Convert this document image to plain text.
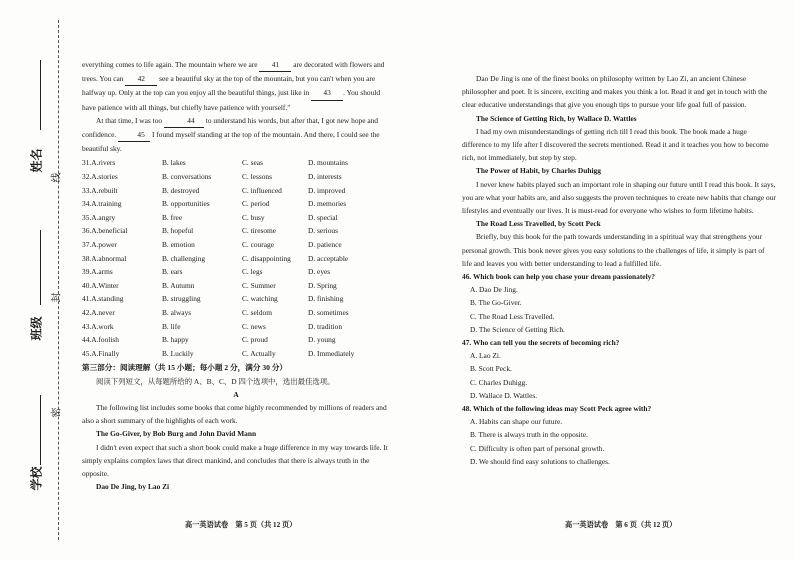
姓名
班级
学校
线
封
密

everything comes to life again. The mountain where we are 41 are decorated with flowers and trees. You can 42 see a beautiful sky at the top of the mountain, but you can't when you are halfway up. Only at the top can you enjoy all the beautiful things, just like in 43 . You should have patience with all things, but chiefly have patience with yourself."

At that time, I was too	44 to understand his words, but after that, I got new hope and confidence.	45 I found myself standing at the top of the mountain. And there, I could see the beautiful sky.

31.A.rivers	B. lakes	C. seas	D. mountains
32.A.stories	B. conversations	C. lessons	D. interests
33.A.rebuilt	B. destroyed	C. influenced	D. improved
34.A.training	B. opportunities	C. period	D. memories
35.A.angry	B. free	C. busy	D. special
36.A.beneficial	B. hopeful	C. tiresome	D. serious
37.A.power	B. emotion	C. courage	D. patience
38.A.abnormal	B. challenging	C. disappointing	D. acceptable
39.A.arms	B. ears	C. legs	D. eyes
40.A.Winter	B. Autumn	C. Summer	D. Spring
41.A.standing	B. struggling	C. watching	D. finishing
42.A.never	B. always	C. seldom	D. sometimes
43.A.work	B. life	C. news	D. tradition
44.A.foolish	B. happy	C. proud	D. young
45.A.Finally	B. Luckily	C. Actually	D. Immediately

第三部分：阅读理解（共 15 小题；每小题 2 分，满分 30 分）

阅读下列短文，从每题所给的 A、B、C、D 四个选项中，选出最佳选项。

A

The following list includes some books that come highly recommended by millions of readers and also a short summary of the highlights of each work.

The Go-Giver, by Bob Burg and John David Mann

I didn't even expect that such a short book could make a huge difference in my way towards life. It simply explains complex laws that direct mankind, and concludes that there is always truth in the opposite.

Dao De Jing, by Lao Zi

高一英语试卷　第 5 页（共 12 页）

Dao De Jing is one of the finest books on philosophy written by Lao Zi, an ancient Chinese philosopher and poet. It is sincere, exciting and makes you think a lot. Read it and get in touch with the clear educative understandings that give you enough tips to pursue your life goal full of passion.

The Science of Getting Rich, by Wallace D. Wattles

I had my own misunderstandings of getting rich till I read this book. The book made a huge difference to my life after I discovered the secrets mentioned. Read it and it teaches you how to become rich, not immediately, but step by step.

The Power of Habit, by Charles Duhigg

I never knew habits played such an important role in shaping our future until I read this book. It says, you are what your habits are, and also suggests the proven techniques to create new habits that change our lifestyles and eventually our lives. It is must-read for everyone who wishes to form lifetime habits.

The Road Less Travelled, by Scott Peck

Briefly, buy this book for the path towards understanding in a spiritual way that strengthens your personal growth. This book never gives you easy solutions to the challenges of life, it simply is part of life and leaves you with better understanding to lead a fulfilled life.

46. Which book can help you chase your dream passionately?

A. Dao De Jing.

B. The Go-Giver.

C. The Road Less Travelled.

D. The Science of Getting Rich.

47. Who can tell you the secrets of becoming rich?

A. Lao Zi.

B. Scott Peck.

C. Charles Duhigg.

D. Wallace D. Wattles.

48. Which of the following ideas may Scott Peck agree with?

A. Habits can shape our future.

B. There is always truth in the opposite.

C. Difficulty is often part of personal growth.

D. We should find easy solutions to challenges.

高一英语试卷　第 6 页（共 12 页）
